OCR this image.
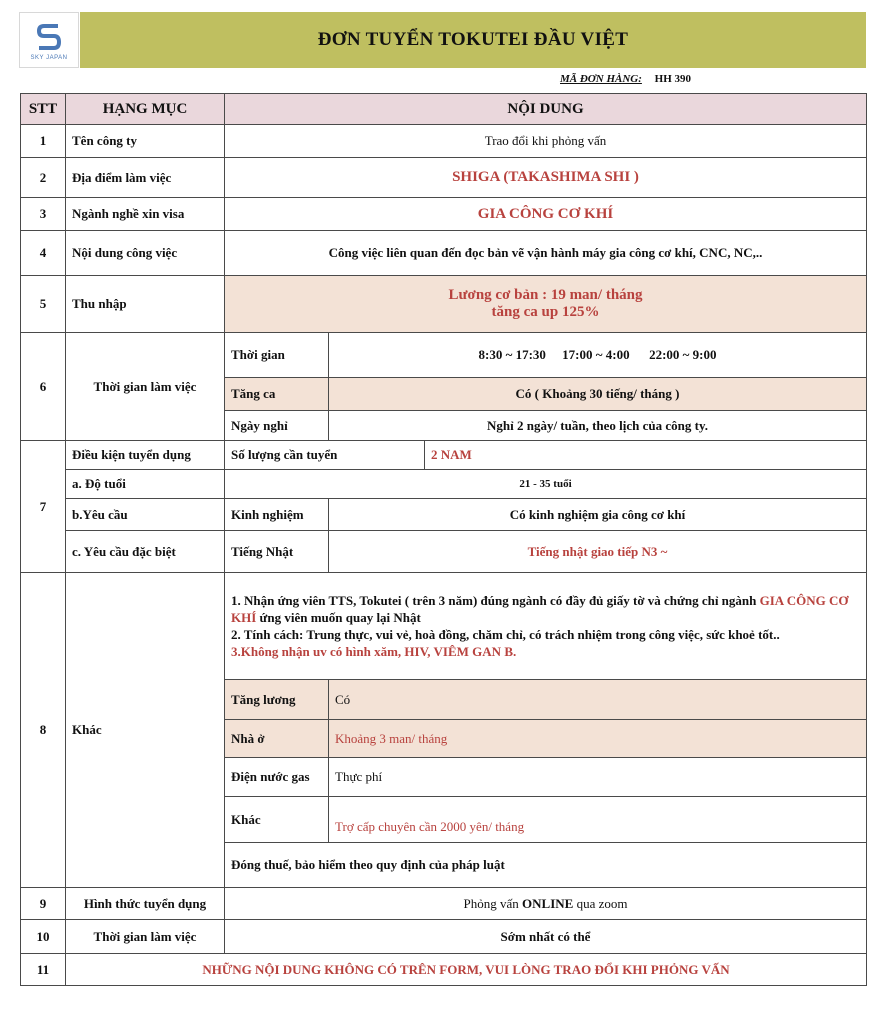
SKY JAPAN
ĐƠN TUYỂN TOKUTEI ĐẦU VIỆT
MÃ ĐƠN HÀNG: HH 390
STT	HẠNG MỤC	NỘI DUNG		
1	Tên công ty	Trao đổi khi phỏng vấn		
2	Địa điểm làm việc	SHIGA (TAKASHIMA SHI )		
3	Ngành nghề xin visa	GIA CÔNG CƠ KHÍ		
4	Nội dung công việc	Công việc liên quan đến đọc bản vẽ vận hành máy gia công cơ khí, CNC, NC,..		
5	Thu nhập	Lương cơ bản : 19 man/ tháng
tăng ca up 125%		

6	Thời gian làm việc	Thời gian	8:30 ~ 17:30     17:00 ~ 4:00      22:00 ~ 9:00	
		Tăng ca	Có ( Khoảng 30 tiếng/ tháng )	
		Ngày nghỉ	Nghỉ 2 ngày/ tuần, theo lịch của công ty.	
7	Điều kiện tuyển dụng	Số lượng cần tuyển		2 NAM
	a. Độ tuổi	21 - 35 tuổi		
	b.Yêu cầu	Kinh nghiệm	Có kinh nghiệm gia công cơ khí	
	c. Yêu cầu đặc biệt	Tiếng Nhật	Tiếng nhật giao tiếp N3 ~	
8	Khác	1. Nhận ứng viên TTS, Tokutei ( trên 3 năm) đúng ngành có đầy đủ giấy tờ và chứng chỉ ngành GIA CÔNG CƠ KHÍ ứng viên muốn quay lại Nhật

2. Tính cách: Trung thực, vui vẻ, hoà đồng, chăm chỉ, có trách nhiệm trong công việc, sức khoẻ tốt..

3.Không nhận uv có hình xăm, HIV, VIÊM GAN B.		

		Tăng lương	Có	
		Nhà ở	Khoảng 3 man/ tháng	
		Điện nước gas	Thực phí	
		Khác	Trợ cấp chuyên cần 2000 yên/ tháng	
		Đóng thuế, bảo hiểm theo quy định của pháp luật		
9	Hình thức tuyển dụng	Phỏng vấn ONLINE qua zoom		
10	Thời gian làm việc	Sớm nhất có thể		
11	NHỮNG NỘI DUNG KHÔNG CÓ TRÊN FORM, VUI LÒNG TRAO ĐỔI KHI PHỎNG VẤN			
